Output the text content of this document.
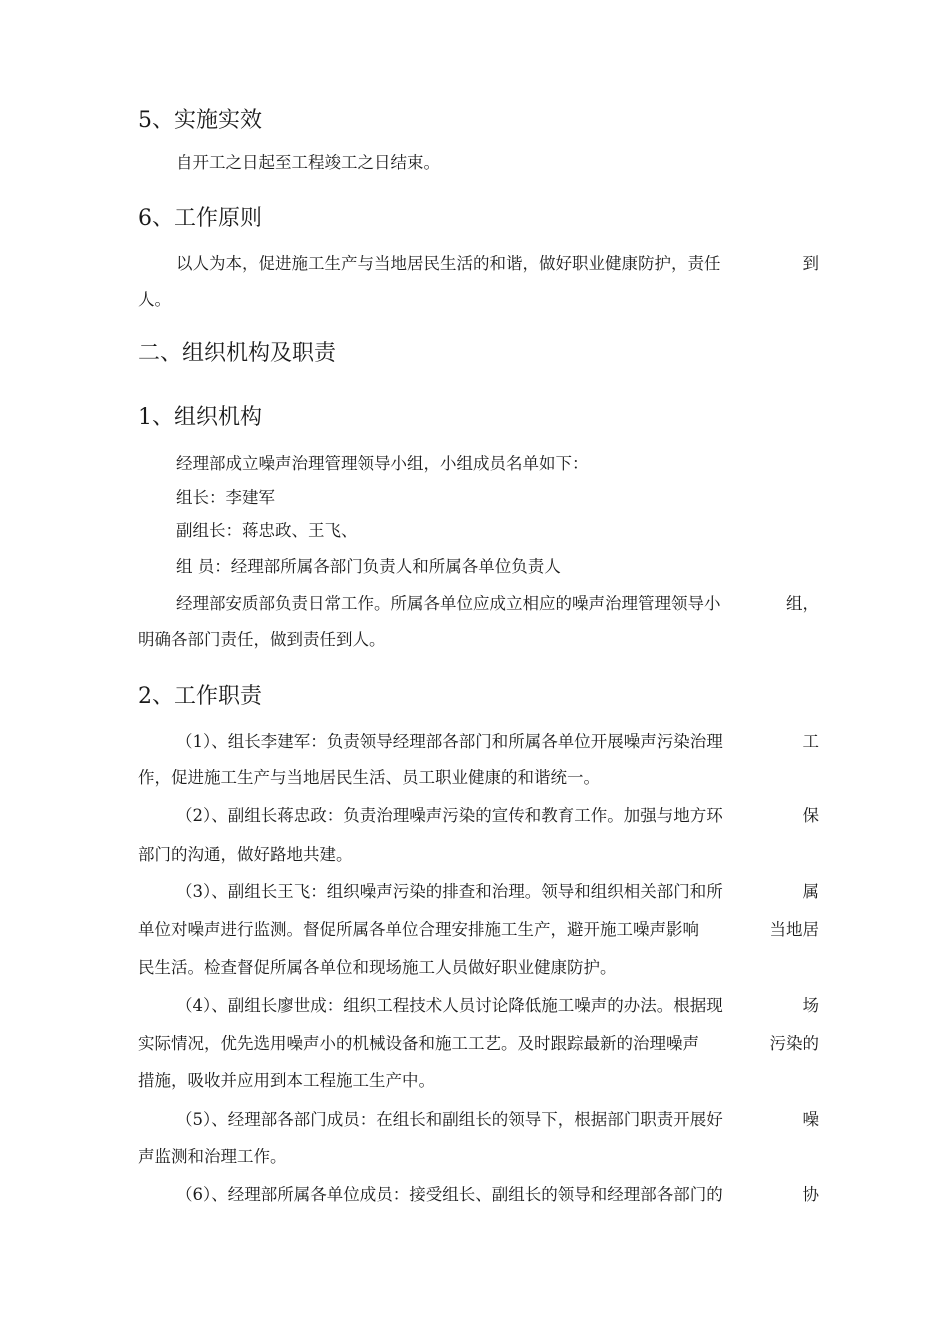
5、实施实效
自开工之日起至工程竣工之日结束。
6、工作原则
以人为本，促进施工生产与当地居民生活的和谐，做好职业健康防护，责任	到
人。
二、组织机构及职责
1、组织机构
经理部成立噪声治理管理领导小组，小组成员名单如下：
组长：李建军
副组长：蒋忠政、王飞、
组 员：经理部所属各部门负责人和所属各单位负责人
经理部安质部负责日常工作。所属各单位应成立相应的噪声治理管理领导小	组，
明确各部门责任，做到责任到人。
2、工作职责
（1）、组长李建军：负责领导经理部各部门和所属各单位开展噪声污染治理	工
作，促进施工生产与当地居民生活、员工职业健康的和谐统一。
（2）、副组长蒋忠政：负责治理噪声污染的宣传和教育工作。加强与地方环	保
部门的沟通，做好路地共建。
（3）、副组长王飞：组织噪声污染的排查和治理。领导和组织相关部门和所	属
单位对噪声进行监测。督促所属各单位合理安排施工生产，避开施工噪声影响	当地居
民生活。检查督促所属各单位和现场施工人员做好职业健康防护。
（4）、副组长廖世成：组织工程技术人员讨论降低施工噪声的办法。根据现	场
实际情况，优先选用噪声小的机械设备和施工工艺。及时跟踪最新的治理噪声	污染的
措施，吸收并应用到本工程施工生产中。
（5）、经理部各部门成员：在组长和副组长的领导下，根据部门职责开展好	噪
声监测和治理工作。
（6）、经理部所属各单位成员：接受组长、副组长的领导和经理部各部门的	协
